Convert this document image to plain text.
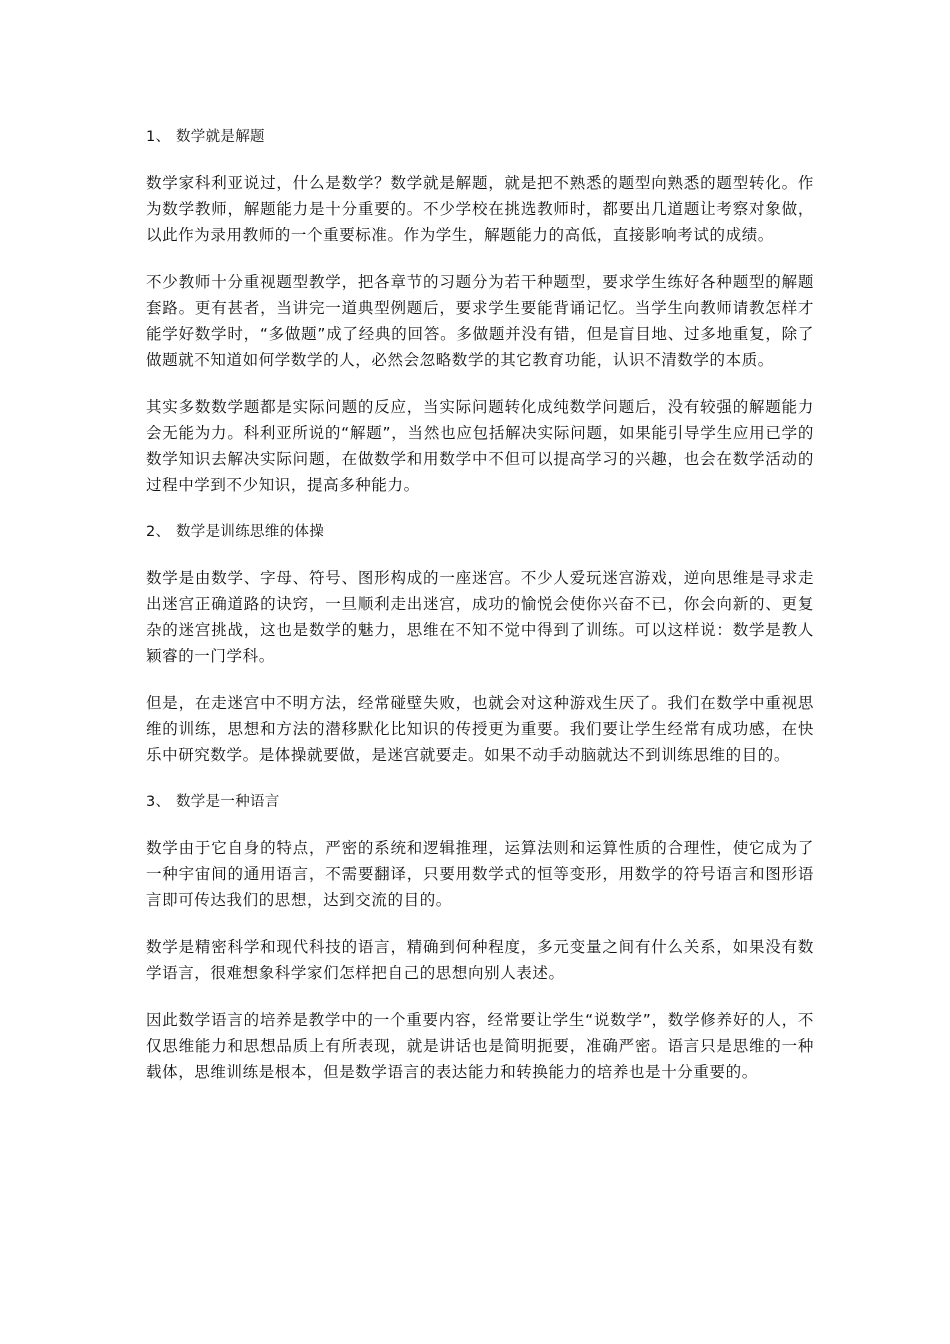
1、 数学就是解题

数学家科利亚说过，什么是数学？数学就是解题，就是把不熟悉的题型向熟悉的题型转化。作为数学教师，解题能力是十分重要的。不少学校在挑选教师时，都要出几道题让考察对象做，以此作为录用教师的一个重要标准。作为学生，解题能力的高低，直接影响考试的成绩。

不少教师十分重视题型教学，把各章节的习题分为若干种题型，要求学生练好各种题型的解题套路。更有甚者，当讲完一道典型例题后，要求学生要能背诵记忆。当学生向教师请教怎样才能学好数学时，“多做题”成了经典的回答。多做题并没有错，但是盲目地、过多地重复，除了做题就不知道如何学数学的人，必然会忽略数学的其它教育功能，认识不清数学的本质。

其实多数数学题都是实际问题的反应，当实际问题转化成纯数学问题后，没有较强的解题能力会无能为力。科利亚所说的“解题”，当然也应包括解决实际问题，如果能引导学生应用已学的数学知识去解决实际问题，在做数学和用数学中不但可以提高学习的兴趣，也会在数学活动的过程中学到不少知识，提高多种能力。

2、 数学是训练思维的体操

数学是由数学、字母、符号、图形构成的一座迷宫。不少人爱玩迷宫游戏，逆向思维是寻求走出迷宫正确道路的诀窍，一旦顺利走出迷宫，成功的愉悦会使你兴奋不已，你会向新的、更复杂的迷宫挑战，这也是数学的魅力，思维在不知不觉中得到了训练。可以这样说：数学是教人颖睿的一门学科。

但是，在走迷宫中不明方法，经常碰壁失败，也就会对这种游戏生厌了。我们在数学中重视思维的训练，思想和方法的潜移默化比知识的传授更为重要。我们要让学生经常有成功感，在快乐中研究数学。是体操就要做，是迷宫就要走。如果不动手动脑就达不到训练思维的目的。

3、 数学是一种语言

数学由于它自身的特点，严密的系统和逻辑推理，运算法则和运算性质的合理性，使它成为了一种宇宙间的通用语言，不需要翻译，只要用数学式的恒等变形，用数学的符号语言和图形语言即可传达我们的思想，达到交流的目的。

数学是精密科学和现代科技的语言，精确到何种程度，多元变量之间有什么关系，如果没有数学语言，很难想象科学家们怎样把自己的思想向别人表述。

因此数学语言的培养是教学中的一个重要内容，经常要让学生“说数学”，数学修养好的人，不仅思维能力和思想品质上有所表现，就是讲话也是简明扼要，准确严密。语言只是思维的一种载体，思维训练是根本，但是数学语言的表达能力和转换能力的培养也是十分重要的。
